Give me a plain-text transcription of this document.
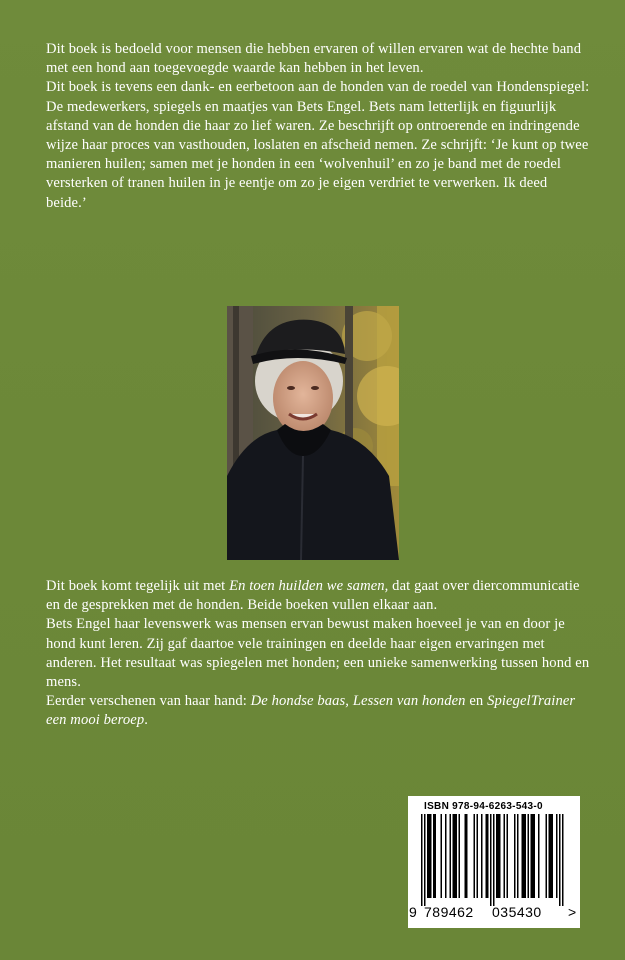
Dit boek is bedoeld voor mensen die hebben ervaren of willen ervaren wat de hechte band met een hond aan toegevoegde waarde kan hebben in het leven.

Dit boek is tevens een dank- en eerbetoon aan de honden van de roedel van Hondenspiegel: De medewerkers, spiegels en maatjes van Bets Engel. Bets nam letterlijk en figuurlijk afstand van de honden die haar zo lief waren. Ze beschrijft op ontroerende en indringende wijze haar proces van vasthouden, loslaten en afscheid nemen. Ze schrijft: ‘Je kunt op twee manieren huilen; samen met je honden in een ‘wolvenhuil’ en zo je band met de roedel versterken of tranen huilen in je eentje om zo je eigen verdriet te verwerken. Ik deed beide.’

Dit boek komt tegelijk uit met En toen huilden we samen, dat gaat over diercommunicatie en de gesprekken met de honden. Beide boeken vullen elkaar aan.

Bets Engel haar levenswerk was mensen ervan bewust maken hoeveel je van en door je hond kunt leren. Zij gaf daartoe vele trainingen en deelde haar eigen ervaringen met anderen. Het resultaat was spiegelen met honden; een unieke samenwerking tussen hond en mens.

Eerder verschenen van haar hand: De hondse baas, Lessen van honden en SpiegelTrainer een mooi beroep.

ISBN 978-94-6263-543-0
9 789462 035430 >
